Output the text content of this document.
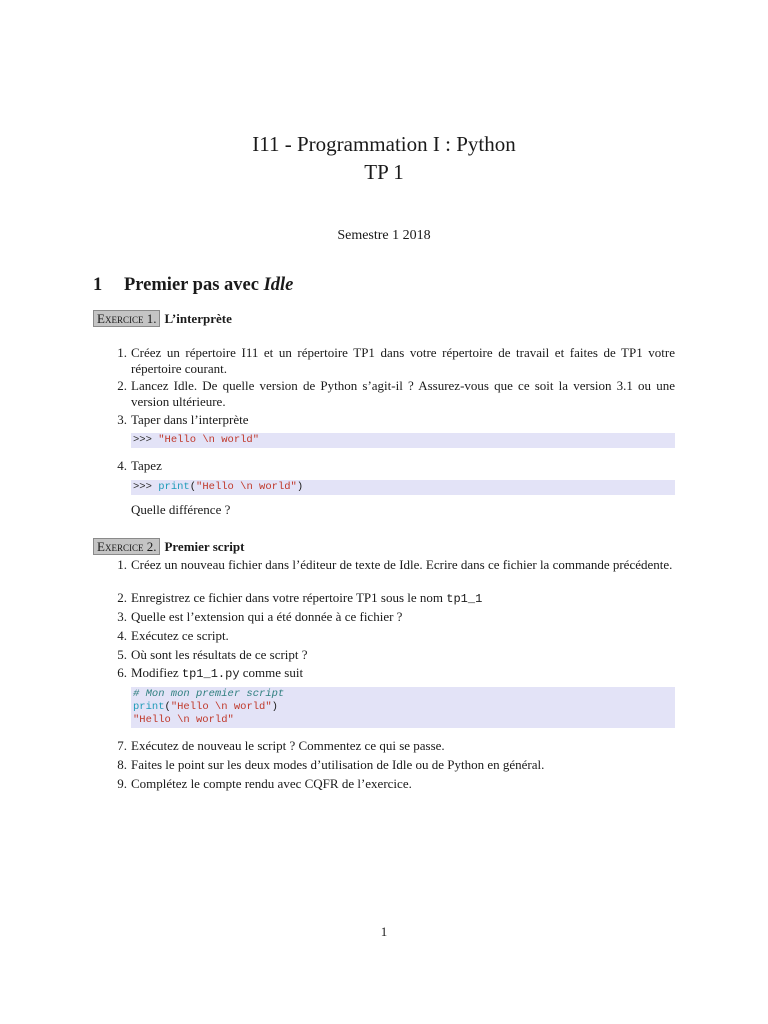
I11 - Programmation I : Python
TP 1
Semestre 1 2018
1 Premier pas avec Idle
Exercice 1. L’interprète
1. Créez un répertoire I11 et un répertoire TP1 dans votre répertoire de travail et faites de TP1 votre répertoire courant.
2. Lancez Idle. De quelle version de Python s’agit-il ? Assurez-vous que ce soit la version 3.1 ou une version ultérieure.
3. Taper dans l’interprète
>>> "Hello \n world"
4. Tapez
>>> print("Hello \n world")
Quelle différence ?
Exercice 2. Premier script
1. Créez un nouveau fichier dans l’éditeur de texte de Idle. Ecrire dans ce fichier la commande précédente.
2. Enregistrez ce fichier dans votre répertoire TP1 sous le nom tp1_1
3. Quelle est l’extension qui a été donnée à ce fichier ?
4. Exécutez ce script.
5. Où sont les résultats de ce script ?
6. Modifiez tp1_1.py comme suit
# Mon mon premier script
print("Hello \n world")
"Hello \n world"
7. Exécutez de nouveau le script ? Commentez ce qui se passe.
8. Faites le point sur les deux modes d’utilisation de Idle ou de Python en général.
9. Complétez le compte rendu avec CQFR de l’exercice.
1
